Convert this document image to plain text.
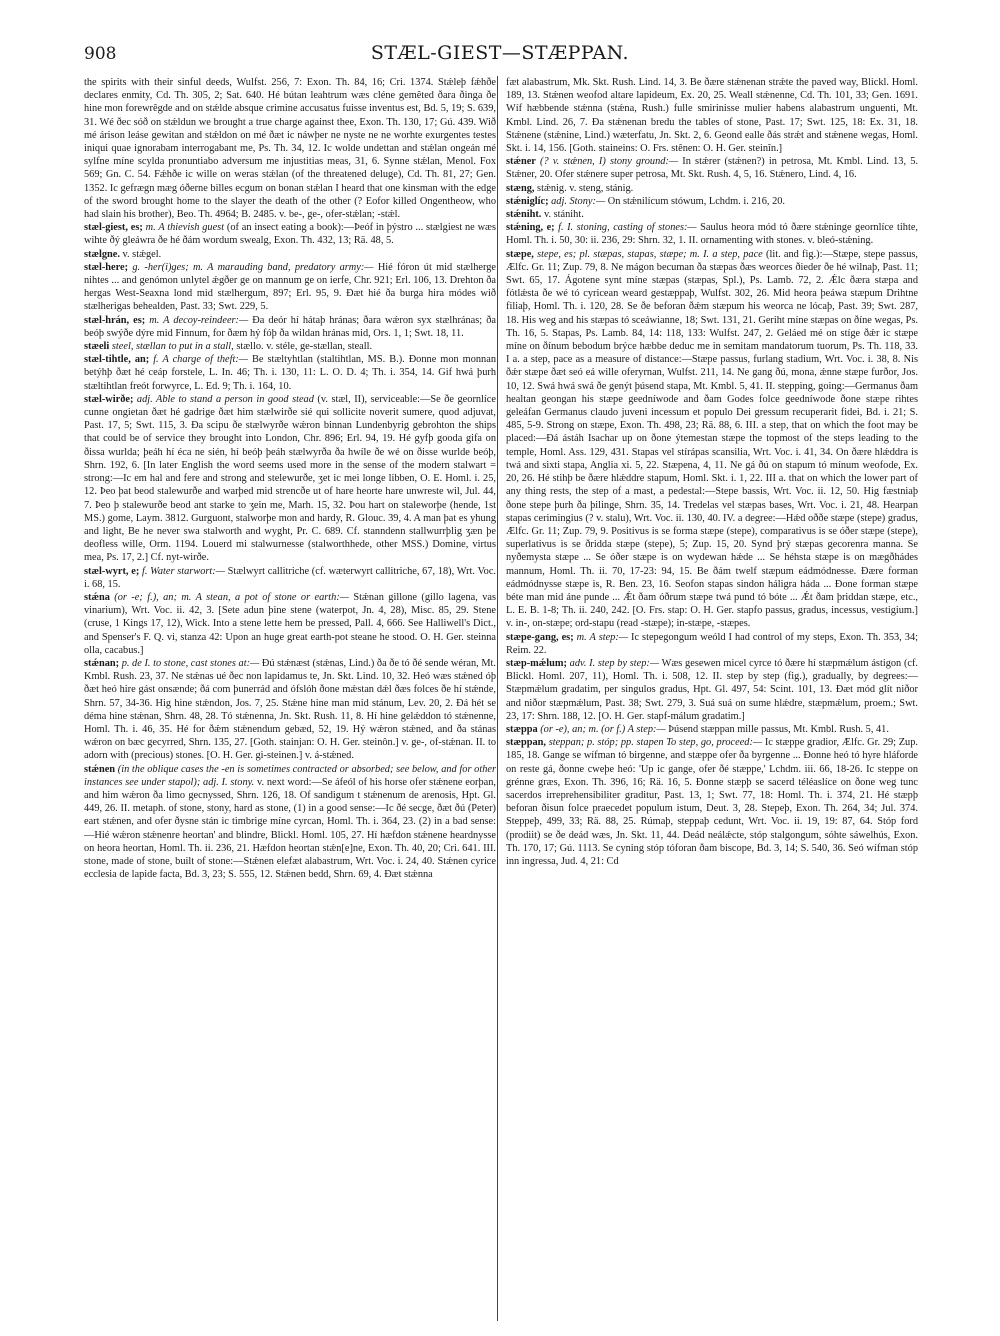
908	STÆL-GIEST—STÆPPAN.

the spirits with their sinful deeds, Wulfst. 256, 7: Exon. Th. 84, 16; Cri. 1374. Stǽleþ fǽhðe declares enmity, Cd. Th. 305, 2; Sat. 640. Hé bútan leahtrum wæs cléne gemêted ðara ðinga ðe hine mon forewrêgde and on stǽlde absque crimine accusatus fuisse inventus est, Bd. 5, 19; S. 639, 31. Wé ðec sóð on stǽldun we brought a true charge against thee, Exon. Th. 130, 17; Gú. 439. Wið mé árison leáse gewitan and stǽldon on mé ðæt ic náwþer ne nyste ne ne worhte exurgentes testes iniqui quae ignorabam interrogabant me, Ps. Th. 34, 12. Ic wolde undettan and stǽlan ongeán mé sylfne míne scylda pronuntiabo adversum me injustitias meas, 31, 6. Synne stǽlan, Menol. Fox 569; Gn. C. 54. Fǽhðe ic wille on weras stǽlan (of the threatened deluge), Cd. Th. 81, 27; Gen. 1352. Ic gefrægn mæg óðerne billes ecgum on bonan stǽlan I heard that one kinsman with the edge of the sword brought home to the slayer the death of the other (? Eofor killed Ongentheow, who had slain his brother), Beo. Th. 4964; B. 2485. v. be-, ge-, ofer-stǽlan; -stǽl.

stæl-giest, es; m. A thievish guest (of an insect eating a book):—Þeóf in þýstro ... stælgiest ne wæs wihte ðý gleáwra ðe hé ðám wordum swealg, Exon. Th. 432, 13; Rä. 48, 5.

stælgne. v. stǽgel.

stæl-here; g. -her(i)ges; m. A marauding band, predatory army:— Hié fóron út mid stælherge nihtes ... and genómon unlytel ǽgðer ge on mannum ge on ierfe, Chr. 921; Erl. 106, 13. Drehton ða hergas West-Seaxna lond mid stælhergum, 897; Erl. 95, 9. Ðæt hié ða burga hira módes wið stælherigas behealden, Past. 33; Swt. 229, 5.

stæl-hrán, es; m. A decoy-reindeer:— Ða deór hí hátaþ hránas; ðara wǽron syx stælhránas; ða beóþ swýðe dýre mid Finnum, for ðæm hý fóþ ða wildan hránas mid, Ors. 1, 1; Swt. 18, 11.

stæeli steel, stællan to put in a stall, stællo. v. stéle, ge-stællan, steall.

stæl-tihtle, an; f. A charge of theft:— Be stæltyhtlan (staltihtlan, MS. B.). Ðonne mon monnan betýhþ ðæt hé ceáp forstele, L. In. 46; Th. i. 130, 11: L. O. D. 4; Th. i. 354, 14. Gif hwá þurh stæltihtlan freót forwyrce, L. Ed. 9; Th. i. 164, 10.

stæl-wirðe; adj. Able to stand a person in good stead (v. stæl, II), serviceable:—Se ðe geornlíce cunne ongietan ðæt hé gadrige ðæt him stælwirðe sié qui sollicite noverit sumere, quod adjuvat, Past. 17, 5; Swt. 115, 3. Ða scipu ðe stælwyrðe wǽron binnan Lundenbyrig gebrohton the ships that could be of service they brought into London, Chr. 896; Erl. 94, 19. Hé gyfþ gooda gifa on ðissa wurlda; þeáh hí éca ne sién, hí beóþ þeáh stælwyrða ða hwíle ðe wé on ðisse wurlde beóþ, Shrn. 192, 6. [In later English the word seems used more in the sense of the modern stalwart = strong:—Ic em hal and fere and strong and stelewurðe, ʒet ic mei longe libben, O. E. Homl. i. 25, 12. Þeo þat beod stalewurðe and warþed mid strencðe ut of hare heorte hare unwreste wil, Jul. 44, 7. Þeo þ stalewurðe beod ant starke to ʒein me, Marh. 15, 32. Þou hart on staleworþe (hende, 1st MS.) gome, Laym. 3812. Gurguont, stalworþe mon and hardy, R. Glouc. 39, 4. A man þat es yhung and light, Be he never swa stalworth and wyght, Pr. C. 689. Cf. stanndenn stallwurrþlig ʒæn þe deofless wille, Orm. 1194. Louerd mi stalwurnesse (stalworthhede, other MSS.) Domine, virtus mea, Ps. 17, 2.] Cf. nyt-wirðe.

stæl-wyrt, e; f. Water starwort:— Stælwyrt callitriche (cf. wæterwyrt callitriche, 67, 18), Wrt. Voc. i. 68, 15.

stǽna (or -e; f.), an; m. A stean, a pot of stone or earth:— Stǽnan gillone (gillo lagena, vas vinarium), Wrt. Voc. ii. 42, 3. [Sete adun þine stene (waterpot, Jn. 4, 28), Misc. 85, 29. Stene (cruse, 1 Kings 17, 12), Wick. Into a stene lette hem be pressed, Pall. 4, 666. See Halliwell's Dict., and Spenser's F. Q. vi, stanza 42: Upon an huge great earth-pot steane he stood. O. H. Ger. steinna olla, cacabus.]

stǽnan; p. de I. to stone, cast stones at:— Ðú stǽnæst (stǽnas, Lind.) ða ðe tó ðé sende wéran, Mt. Kmbl. Rush. 23, 37. Ne stǽnas ué ðec non lapidamus te, Jn. Skt. Lind. 10, 32. Heó wæs stǽned óþ ðæt heó hire gást onsænde; ðá com þunerrád and ófslóh ðone mǽstan dǽl ðæs folces ðe hí stǽnde, Shrn. 57, 34-36. Hig hine stǽndon, Jos. 7, 25. Stǽne hine man mid stánum, Lev. 20, 2. Ðá hét se déma hine stǽnan, Shrn. 48, 28. Tó stǽnenna, Jn. Skt. Rush. 11, 8. Hí hine gelǽddon tó stǽnenne, Homl. Th. i. 46, 35. Hé for ðǽm stǽnendum gebæd, 52, 19. Hý wǽron stǽned, and ða stánas wǽron on bæc gecyrred, Shrn. 135, 27. [Goth. stainjan: O. H. Ger. steinôn.] v. ge-, of-stǽnan. II. to adorn with (precious) stones. [O. H. Ger. gi-steinen.] v. á-stǽned.

stǽnen (in the oblique cases the -en is sometimes contracted or absorbed; see below, and for other instances see under stapol); adj. I. stony. v. next word:—Se áfeól of his horse ofer stǽnene eorþan, and him wǽron ða limo gecnyssed, Shrn. 126, 18. Of sandigum t stǽnenum de arenosis, Hpt. Gl. 449, 26. II. metaph. of stone, stony, hard as stone, (1) in a good sense:—Ic ðé secge, ðæt ðú (Peter) eart stǽnen, and ofer ðysne stán ic timbrige míne cyrcan, Homl. Th. i. 364, 23. (2) in a bad sense:—Hié wǽron stǽnenre heortan' and blindre, Blickl. Homl. 105, 27. Hí hæfdon stǽnene heardnysse on heora heortan, Homl. Th. ii. 236, 21. Hæfdon heortan stǽn[e]ne, Exon. Th. 40, 20; Cri. 641. III. stone, made of stone, built of stone:—Stǽnen elefæt alabastrum, Wrt. Voc. i. 24, 40. Stǽnen cyrice ecclesia de lapide facta, Bd. 3, 23; S. 555, 12. Stǽnen bedd, Shrn. 69, 4. Ðæt stǽnna

fæt alabastrum, Mk. Skt. Rush. Lind. 14, 3. Be ðære stǽnenan strǽte the paved way, Blickl. Homl. 189, 13. Stǽnen weofod altare lapideum, Ex. 20, 25. Weall stǽnenne, Cd. Th. 101, 33; Gen. 1691. Wíf hæbbende stǽnna (stǽna, Rush.) fulle smirinisse mulier habens alabastrum unguenti, Mt. Kmbl. Lind. 26, 7. Ða stǽnenan bredu the tables of stone, Past. 17; Swt. 125, 18: Ex. 31, 18. Stǽnene (stǽnine, Lind.) wæterfatu, Jn. Skt. 2, 6. Geond ealle ðás strǽt and stǽnene wegas, Homl. Skt. i. 14, 156. [Goth. staineins: O. Frs. stênen: O. H. Ger. steinîn.]

stǽner (? v. stǽnen, I) stony ground:— In stǽrer (stǽnen?) in petrosa, Mt. Kmbl. Lind. 13, 5. Stǽner, 20. Ofer stǽnere super petrosa, Mt. Skt. Rush. 4, 5, 16. Stǽnero, Lind. 4, 16.

stæng, stǽnig. v. steng, stánig.

stǽniglíc; adj. Stony:— On stǽnilícum stówum, Lchdm. i. 216, 20.

stǽniht. v. stániht.

stǽning, e; f. I. stoning, casting of stones:— Saulus heora mód tó ðære stǽninge geornlíce tihte, Homl. Th. i. 50, 30: ii. 236, 29: Shrn. 32, 1. II. ornamenting with stones. v. bleó-stǽning.

stæpe, stepe, es; pl. stæpas, stapas, stæpe; m. I. a step, pace (lit. and fig.):—Stæpe, stepe passus, Ælfc. Gr. 11; Zup. 79, 8. Ne mágon becuman ða stæpas ðæs weorces ðieder ðe hé wilnaþ, Past. 11; Swt. 65, 17. Ágotene synt míne stæpas (stæpas, Spl.), Ps. Lamb. 72, 2. Ǽlc ðæra stæpa and fótlǽsta ðe wé tó cyricean weard gestæppaþ, Wulfst. 302, 26. Mid heora þeáwa stæpum Drihtne filiaþ, Homl. Th. i. 120, 28. Se ðe beforan ðǽm stæpum his weorca ne lócaþ, Past. 39; Swt. 287, 18. His weg and his stæpas tó sceáwianne, 18; Swt. 131, 21. Geriht míne stæpas on ðíne wegas, Ps. Th. 16, 5. Stapas, Ps. Lamb. 84, 14: 118, 133: Wulfst. 247, 2. Geláed mé on stíge ðǽr ic stæpe míne on ðínum bebodum brýce hæbbe deduc me in semitam mandatorum tuorum, Ps. Th. 118, 33. I a. a step, pace as a measure of distance:—Stæpe passus, furlang stadium, Wrt. Voc. i. 38, 8. Nis ðǽr stæpe ðæt seó eá wille oferyrnan, Wulfst. 211, 14. Ne gang ðú, mona, ǽnne stæpe furðor, Jos. 10, 12. Swá hwá swá ðe genýt þúsend stapa, Mt. Kmbl. 5, 41. II. stepping, going:—Germanus ðam healtan geongan his stæpe geedníwode and ðam Godes folce geedníwode ðone stæpe rihtes geleáfan Germanus claudo juveni incessum et populo Dei gressum recuperarit fidei, Bd. i. 21; S. 485, 5-9. Strong on stæpe, Exon. Th. 498, 23; Rä. 88, 6. III. a step, that on which the foot may be placed:—Ðá ástáh Isachar up on ðone ýtemestan stæpe the topmost of the steps leading to the temple, Homl. Ass. 129, 431. Stapas vel stírápas scansilia, Wrt. Voc. i. 41, 34. On ðære hlǽddra is twá and sixti stapa, Anglia xi. 5, 22. Stæpena, 4, 11. Ne gá ðú on stapum tó mínum weofode, Ex. 20, 26. Hé stihþ be ðære hlǽddre stapum, Homl. Skt. i. 1, 22. III a. that on which the lower part of any thing rests, the step of a mast, a pedestal:—Stepe bassis, Wrt. Voc. ii. 12, 50. Hig fæstniaþ ðone stepe þurh ða þilinge, Shrn. 35, 14. Tredelas vel stæpas bases, Wrt. Voc. i. 21, 48. Hearpan stapas cerimingius (? v. stalu), Wrt. Voc. ii. 130, 40. IV. a degree:—Hǽd oððe stæpe (stepe) gradus, Ælfc. Gr. 11; Zup. 79, 9. Positivus is se forma stæpe (stepe), comparativus is se óðer stæpe (stepe), superlativus is se ðridda stæpe (stepe), 5; Zup. 15, 20. Synd þrý stæpas gecorenra manna. Se nyðemysta stæpe ... Se óðer stæpe is on wydewan hǽde ... Se héhsta stæpe is on mægðhádes mannum, Homl. Th. ii. 70, 17-23: 94, 15. Be ðám twelf stæpum eádmódnesse. Ðære forman eádmódnysse stæpe is, R. Ben. 23, 16. Seofon stapas sindon háligra háda ... Ðone forman stæpe béte man mid áne punde ... Ǽt ðam óðrum stæpe twá pund tó bóte ... Ǽt ðam þriddan stæpe, etc., L. E. B. 1-8; Th. ii. 240, 242. [O. Frs. stap: O. H. Ger. stapfo passus, gradus, incessus, vestigium.] v. in-, on-stæpe; ord-stapu (read -stæpe); in-stæpe, -stæpes.

stæpe-gang, es; m. A step:— Ic stepegongum weóld I had control of my steps, Exon. Th. 353, 34; Reim. 22.

stæp-mǽlum; adv. I. step by step:— Wæs gesewen micel cyrce tó ðære hí stæpmǽlum ástigon (cf. Blickl. Homl. 207, 11), Homl. Th. i. 508, 12. II. step by step (fig.), gradually, by degrees:—Stæpmǽlum gradatim, per singulos gradus, Hpt. Gl. 497, 54: Scint. 101, 13. Ðæt mód glít niðor and niðor stæpmǽlum, Past. 38; Swt. 279, 3. Suá suá on sume hlǽdre, stæpmǽlum, proem.; Swt. 23, 17: Shrn. 188, 12. [O. H. Ger. stapf-málum gradatim.]

stæppa (or -e), an; m. (or f.) A step:— Þúsend stæppan mille passus, Mt. Kmbl. Rush. 5, 41.

stæppan, steppan; p. stóp; pp. stapen To step, go, proceed:— Ic stæppe gradior, Ælfc. Gr. 29; Zup. 185, 18. Gange se wífman tó birgenne, and stæppe ofer ða byrgenne ... Ðonne heó tó hyre hláforde on reste gá, ðonne cweþe heó: 'Up ic gange, ofer ðé stæppe,' Lchdm. iii. 66, 18-26. Ic steppe on grénne græs, Exon. Th. 396, 16; Rä. 16, 5. Ðonne stæpþ se sacerd téléaslíce on ðone weg tunc sacerdos irreprehensibiliter graditur, Past. 13, 1; Swt. 77, 18: Homl. Th. i. 374, 21. Hé stæpþ beforan ðisun folce praecedet populum istum, Deut. 3, 28. Stepeþ, Exon. Th. 264, 34; Jul. 374. Steppeþ, 499, 33; Rä. 88, 25. Rúmaþ, steppaþ cedunt, Wrt. Voc. ii. 19, 19: 87, 64. Stóp ford (prodiit) se ðe deád wæs, Jn. Skt. 11, 44. Deád neálǽcte, stóp stalgongum, sóhte sáwelhús, Exon. Th. 170, 17; Gú. 1113. Se cyning stóp tóforan ðam biscope, Bd. 3, 14; S. 540, 36. Seó wífman stóp inn ingressa, Jud. 4, 21: Cd
